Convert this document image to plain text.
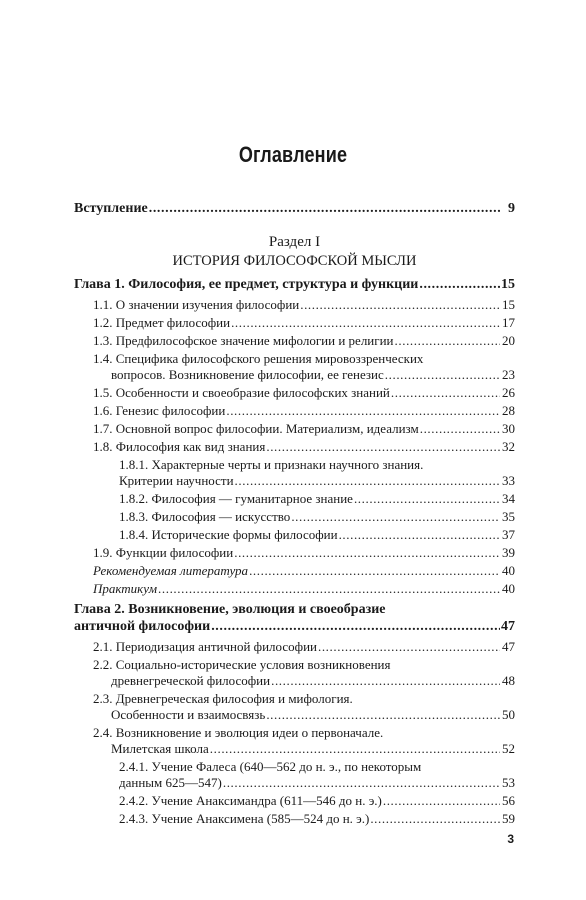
Оглавление
Вступление .....	9
Раздел I
ИСТОРИЯ ФИЛОСОФСКОЙ МЫСЛИ
Глава 1. Философия, ее предмет, структура и функции .....	15
1.1. О значении изучения философии .....	15
1.2. Предмет философии .....	17
1.3. Предфилософское значение мифологии и религии .....	20
1.4. Специфика философского решения мировоззренческих
вопросов. Возникновение философии, ее генезис .....	23
1.5. Особенности и своеобразие философских знаний .....	26
1.6. Генезис философии .....	28
1.7. Основной вопрос философии. Материализм, идеализм .....	30
1.8. Философия как вид знания .....	32
1.8.1. Характерные черты и признаки научного знания.
Критерии научности .....	33
1.8.2. Философия — гуманитарное знание .....	34
1.8.3. Философия — искусство .....	35
1.8.4. Исторические формы философии .....	37
1.9. Функции философии .....	39
Рекомендуемая литература .....	40
Практикум .....	40
Глава 2. Возникновение, эволюция и своеобразие
античной философии .....	47
2.1. Периодизация античной философии .....	47
2.2. Социально-исторические условия возникновения
древнегреческой философии .....	48
2.3. Древнегреческая философия и мифология.
Особенности и взаимосвязь .....	50
2.4. Возникновение и эволюция идеи о первоначале.
Милетская школа .....	52
2.4.1. Учение Фалеса (640—562 до н. э., по некоторым
данным 625—547) .....	53
2.4.2. Учение Анаксимандра (611—546 до н. э.) .....	56
2.4.3. Учение Анаксимена (585—524 до н. э.) .....	59
3
